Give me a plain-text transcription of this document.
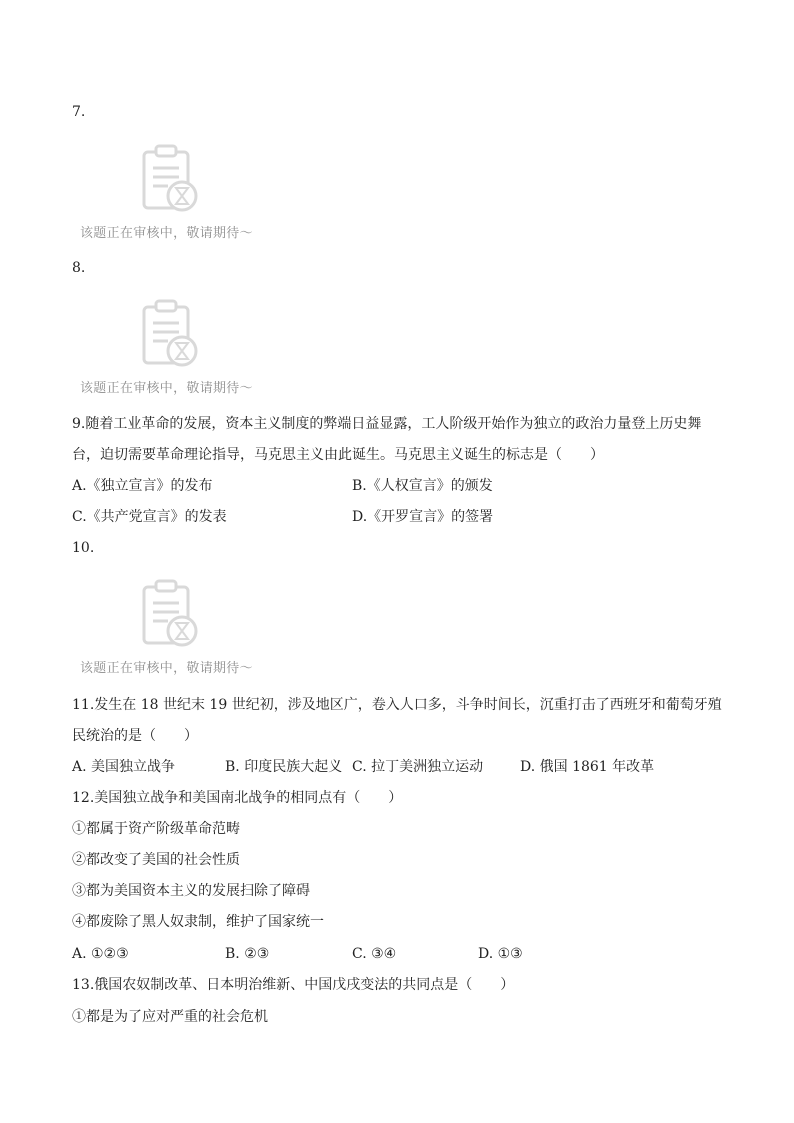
7.
该题正在审核中，敬请期待～
8.
该题正在审核中，敬请期待～
9.随着工业革命的发展，资本主义制度的弊端日益显露，工人阶级开始作为独立的政治力量登上历史舞
台，迫切需要革命理论指导，马克思主义由此诞生。马克思主义诞生的标志是（　　）
A.《独立宣言》的发布	B.《人权宣言》的颁发
C.《共产党宣言》的发表	D.《开罗宣言》的签署
10.
该题正在审核中，敬请期待～
11.发生在 18 世纪末 19 世纪初，涉及地区广，卷入人口多，斗争时间长，沉重打击了西班牙和葡萄牙殖
民统治的是（　　）
A. 美国独立战争	B. 印度民族大起义 C. 拉丁美洲独立运动	D. 俄国 1861 年改革
12.美国独立战争和美国南北战争的相同点有（　　）
①都属于资产阶级革命范畴
②都改变了美国的社会性质
③都为美国资本主义的发展扫除了障碍
④都废除了黑人奴隶制，维护了国家统一
A. ①②③	B. ②③	C. ③④	D. ①③
13.俄国农奴制改革、日本明治维新、中国戊戌变法的共同点是（　　）
①都是为了应对严重的社会危机
